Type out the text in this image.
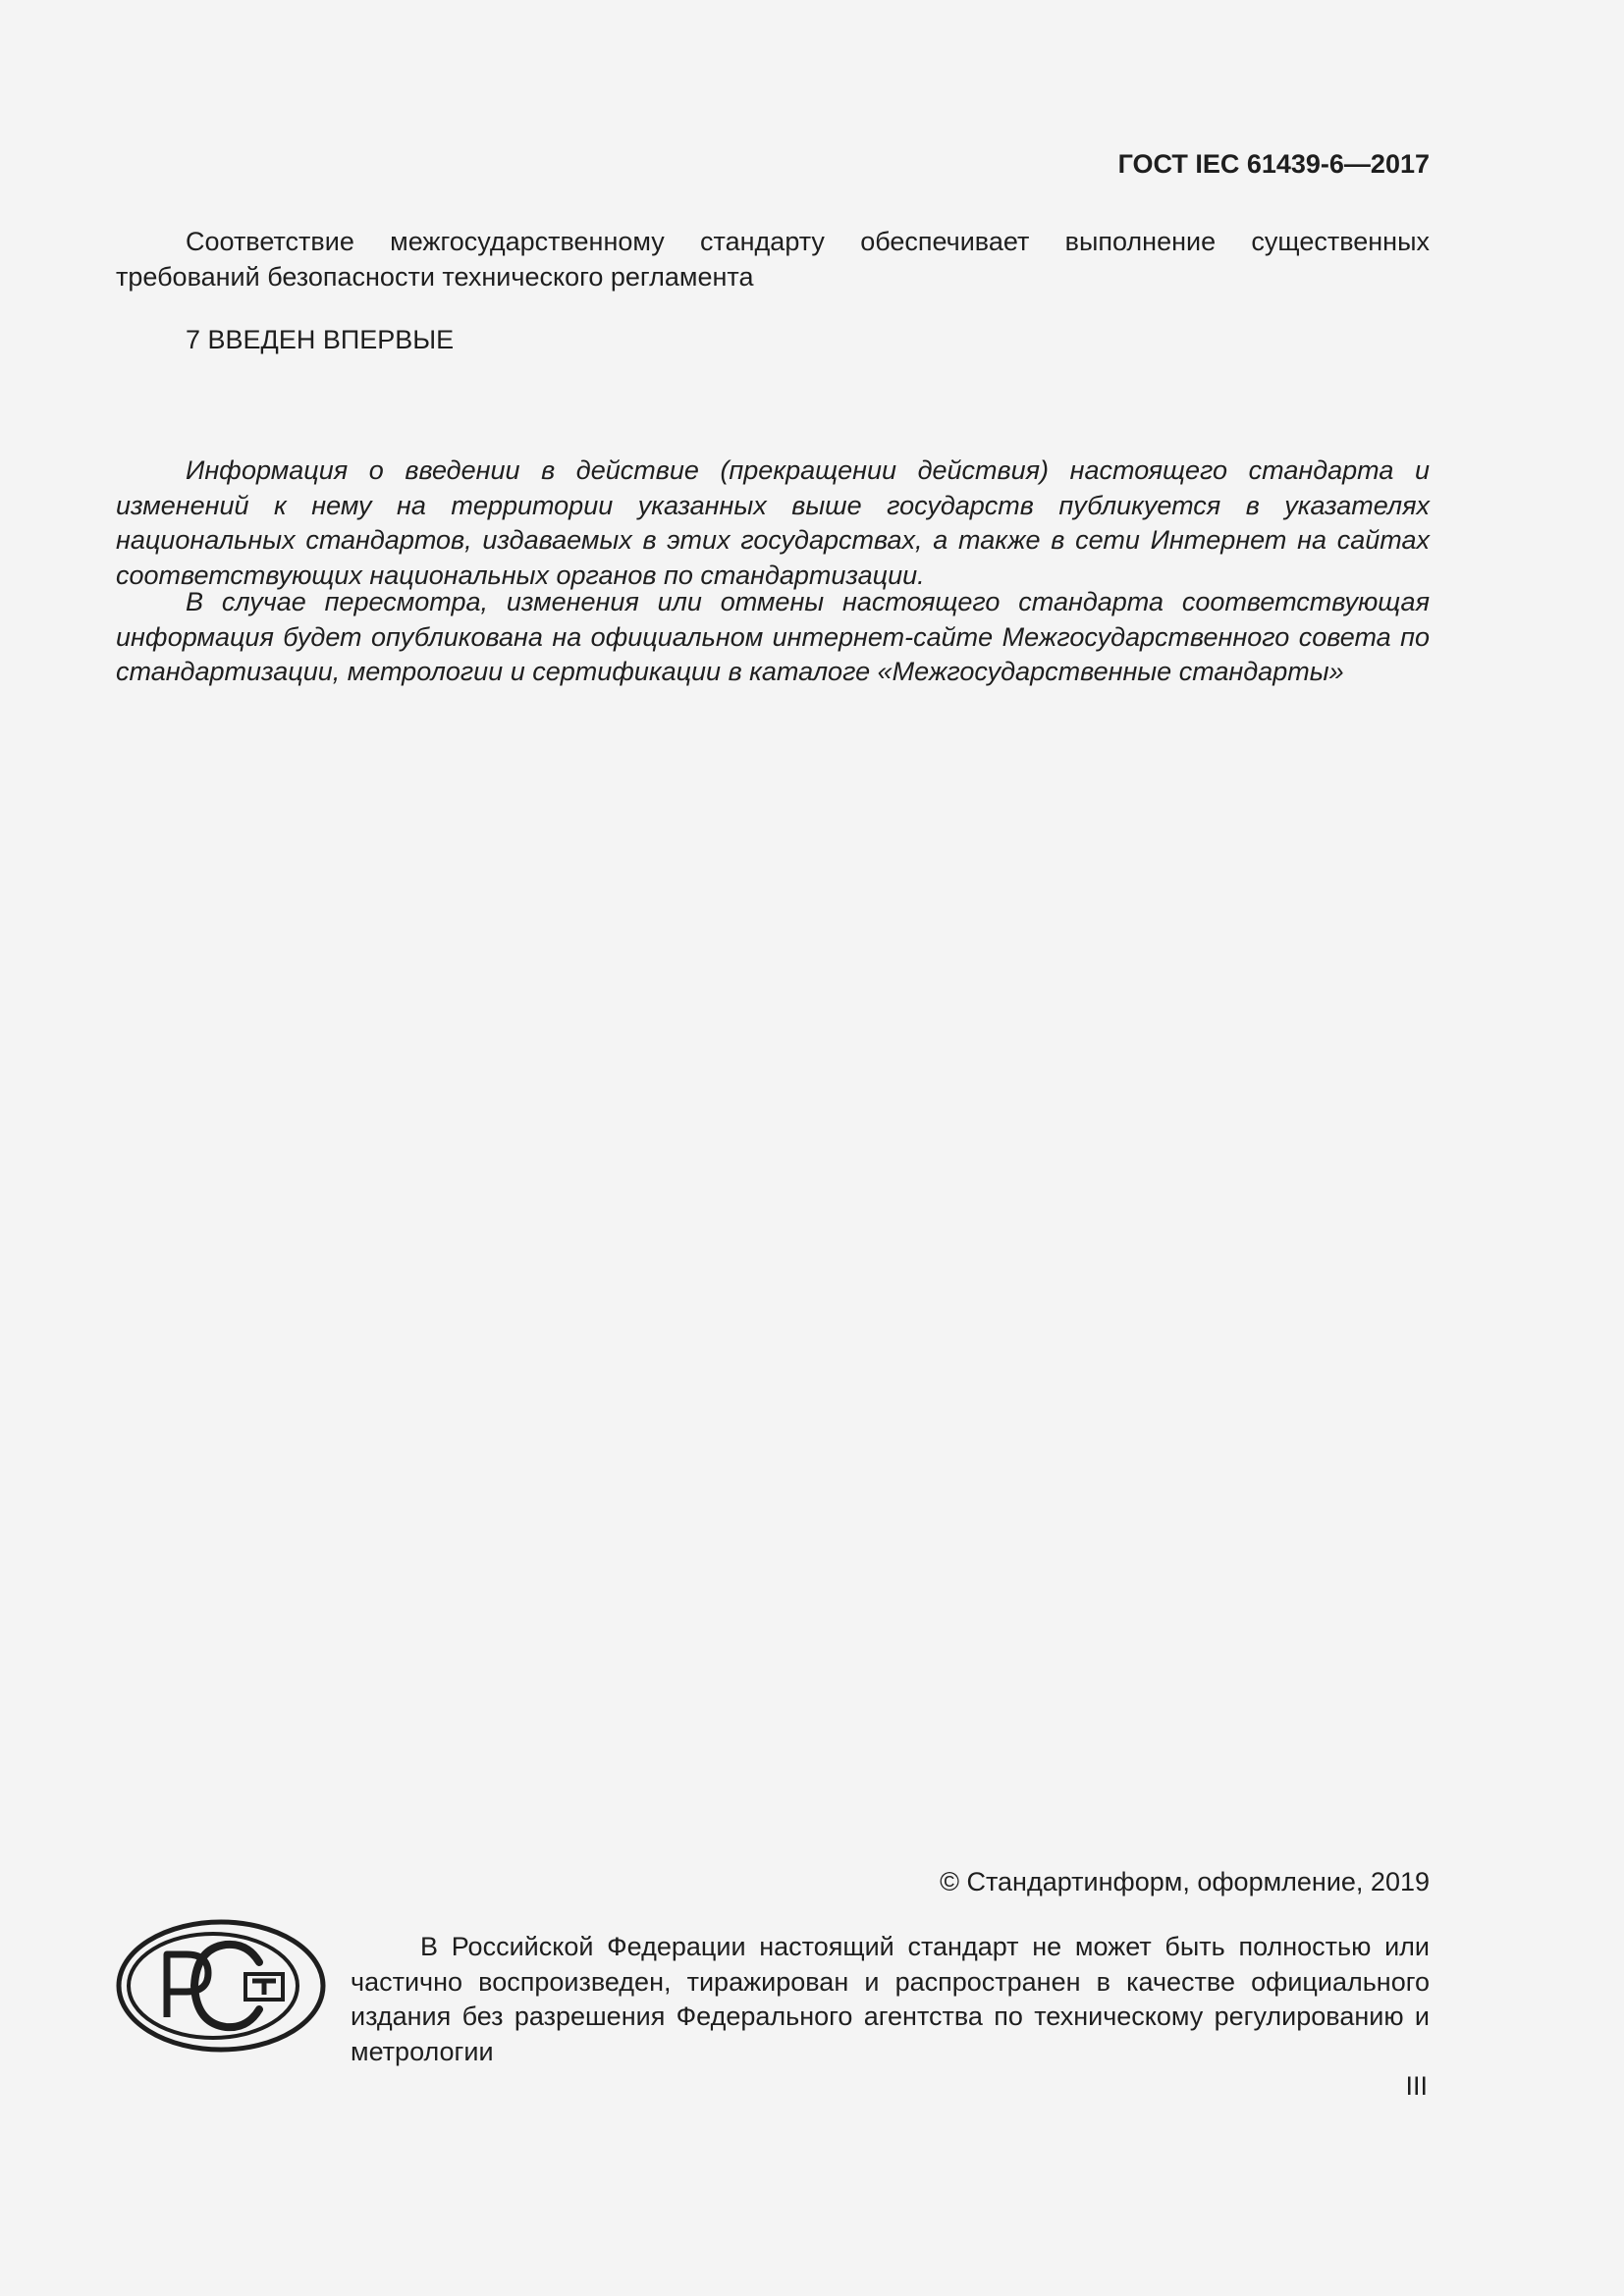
ГОСТ IEC 61439-6—2017

Соответствие межгосударственному стандарту обеспечивает выполнение существенных требований безопасности технического регламента

7 ВВЕДЕН ВПЕРВЫЕ

Информация о введении в действие (прекращении действия) настоящего стандарта и изменений к нему на территории указанных выше государств публикуется в указателях национальных стандартов, издаваемых в этих государствах, а также в сети Интернет на сайтах соответствующих национальных органов по стандартизации.

В случае пересмотра, изменения или отмены настоящего стандарта соответствующая информация будет опубликована на официальном интернет-сайте Межгосударственного совета по стандартизации, метрологии и сертификации в каталоге «Межгосударственные стандарты»

© Стандартинформ, оформление, 2019

В Российской Федерации настоящий стандарт не может быть полностью или частично воспроизведен, тиражирован и распространен в качестве официального издания без разрешения Федерального агентства по техническому регулированию и метрологии

III
